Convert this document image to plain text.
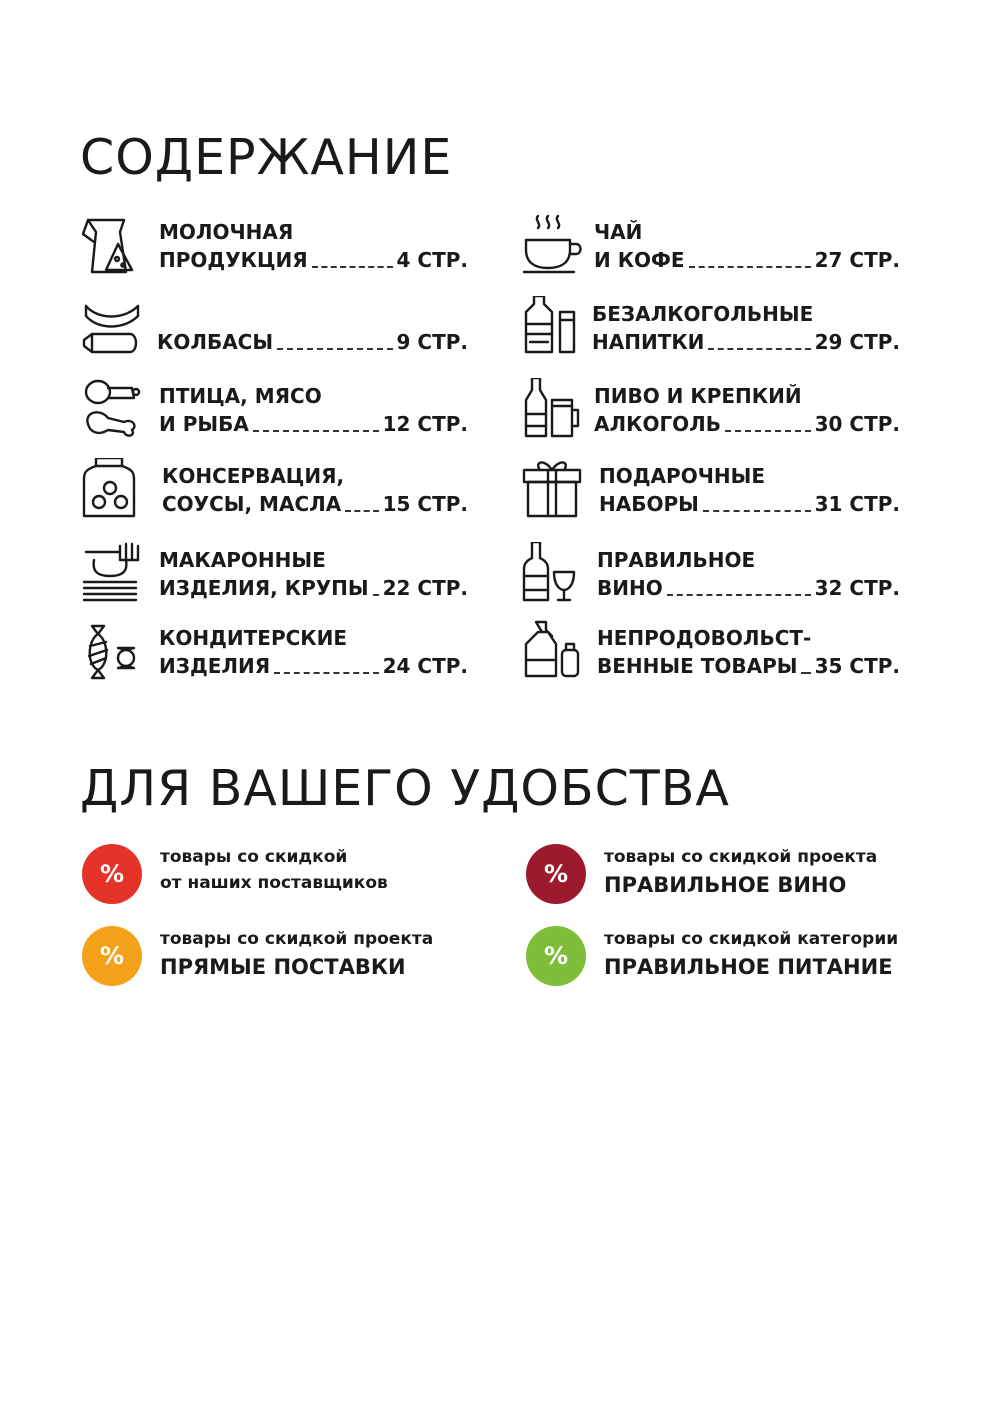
СОДЕРЖАНИЕ
МОЛОЧНАЯ
ПРОДУКЦИЯ	4 СТР.
КОЛБАСЫ	9 СТР.
ПТИЦА, МЯСО
И РЫБА	12 СТР.
КОНСЕРВАЦИЯ,
СОУСЫ, МАСЛА 15 СТР.
МАКАРОННЫЕ
ИЗДЕЛИЯ, КРУПЫ 22 СТР.
КОНДИТЕРСКИЕ
ИЗДЕЛИЯ	24 СТР.
ЧАЙ
И КОФЕ	27 СТР.
БЕЗАЛКОГОЛЬНЫЕ
НАПИТКИ	29 СТР.
ПИВО И КРЕПКИЙ
АЛКОГОЛЬ	30 СТР.
ПОДАРОЧНЫЕ
НАБОРЫ	31 СТР.
ПРАВИЛЬНОЕ
ВИНО	32 СТР.
НЕПРОДОВОЛЬСТ-
ВЕННЫЕ ТОВАРЫ 35 СТР.
ДЛЯ ВАШЕГО УДОБСТВА
%
товары со скидкой
от наших поставщиков	%
товары со скидкой проекта
ПРАВИЛЬНОЕ ВИНО
%
товары со скидкой проекта
ПРЯМЫЕ ПОСТАВКИ	%
товары со скидкой категории
ПРАВИЛЬНОЕ ПИТАНИЕ
